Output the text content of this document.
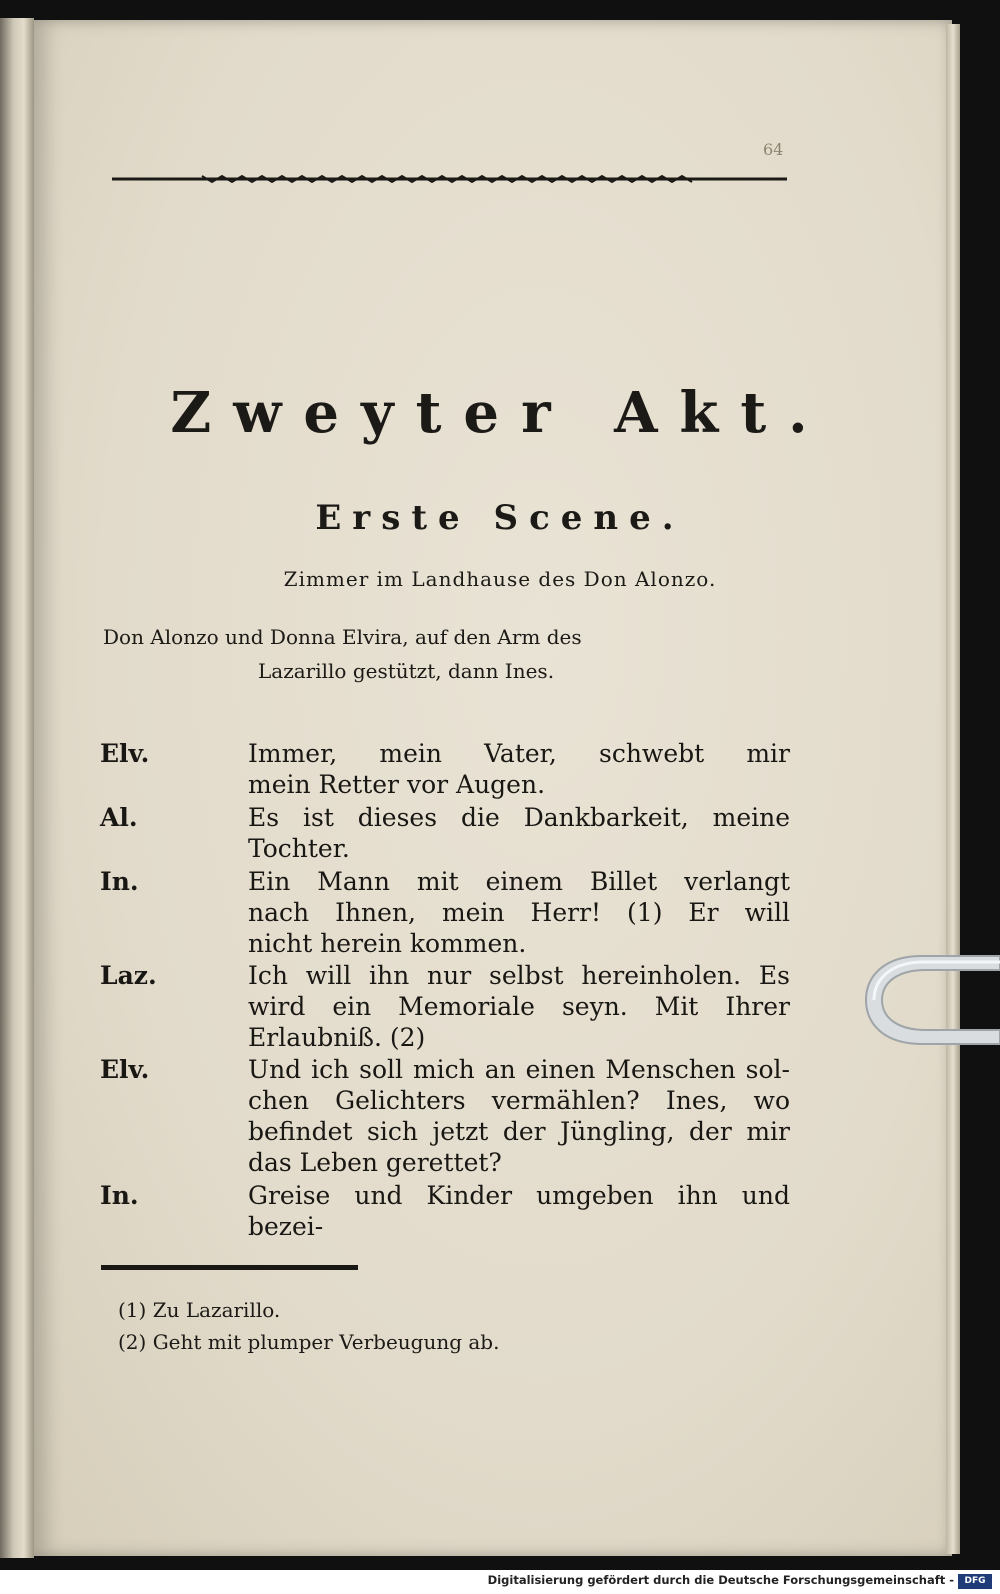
64
Zweyter Akt.
Erste Scene.
Zimmer im Landhause des Don Alonzo.
Don Alonzo und Donna Elvira, auf den Arm des
Lazarillo gestützt, dann Ines.
Elv.	Immer, mein Vater, schwebt mir
mein Retter vor Augen.
Al.	Es ist dieses die Dankbarkeit, meine
Tochter.
In.	Ein Mann mit einem Billet verlangt
nach Ihnen, mein Herr! (1) Er will
nicht herein kommen.
Laz.	Ich will ihn nur selbst hereinholen. Es
wird ein Memoriale seyn. Mit Ihrer
Erlaubniß. (2)
Elv.	Und ich soll mich an einen Menschen sol-
chen Gelichters vermählen? Ines, wo
befindet sich jetzt der Jüngling, der mir
das Leben gerettet?
In.	Greise und Kinder umgeben ihn und bezei-
(1) Zu Lazarillo.
(2) Geht mit plumper Verbeugung ab.
Digitalisierung gefördert durch die Deutsche Forschungsgemeinschaft -	DFG
